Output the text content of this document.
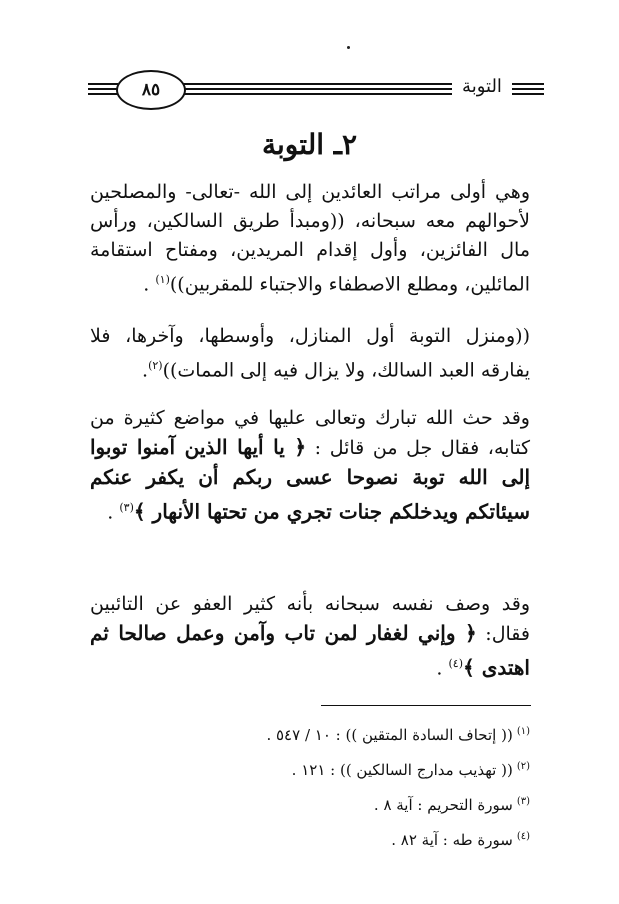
٨٥	التوبة
٢ـ التوبة

وهي أولى مراتب العائدين إلى الله -تعالى- والمصلحين لأحوالهم معه سبحانه، ((ومبدأ طريق السالكين، ورأس مال الفائزين، وأول إقدام المريدين، ومفتاح استقامة المائلين، ومطلع الاصطفاء والاجتباء للمقربين))$^{(١)}$ .

((ومنزل التوبة أول المنازل، وأوسطها، وآخرها، فلا يفارقه العبد السالك، ولا يزال فيه إلى الممات))$^{(٢)}$.

وقد حث الله تبارك وتعالى عليها في مواضع كثيرة من كتابه، فقال جل من قائل : ﴿ يا أيها الذين آمنوا توبوا إلى الله توبة نصوحا عسى ربكم أن يكفر عنكم سيئاتكم ويدخلكم جنات تجري من تحتها الأنهار ﴾$^{(٣)}$ .

وقد وصف نفسه سبحانه بأنه كثير العفو عن التائبين فقال: ﴿ وإني لغفار لمن تاب وآمن وعمل صالحا ثم اهتدى ﴾$^{(٤)}$ .

$^{(١)}$(( إتحاف السادة المتقين )) : ١٠ / ٥٤٧ .
$^{(٢)}$(( تهذيب مدارج السالكين )) : ١٢١ .
$^{(٣)}$سورة التحريم : آية ٨ .
$^{(٤)}$سورة طه : آية ٨٢ .
